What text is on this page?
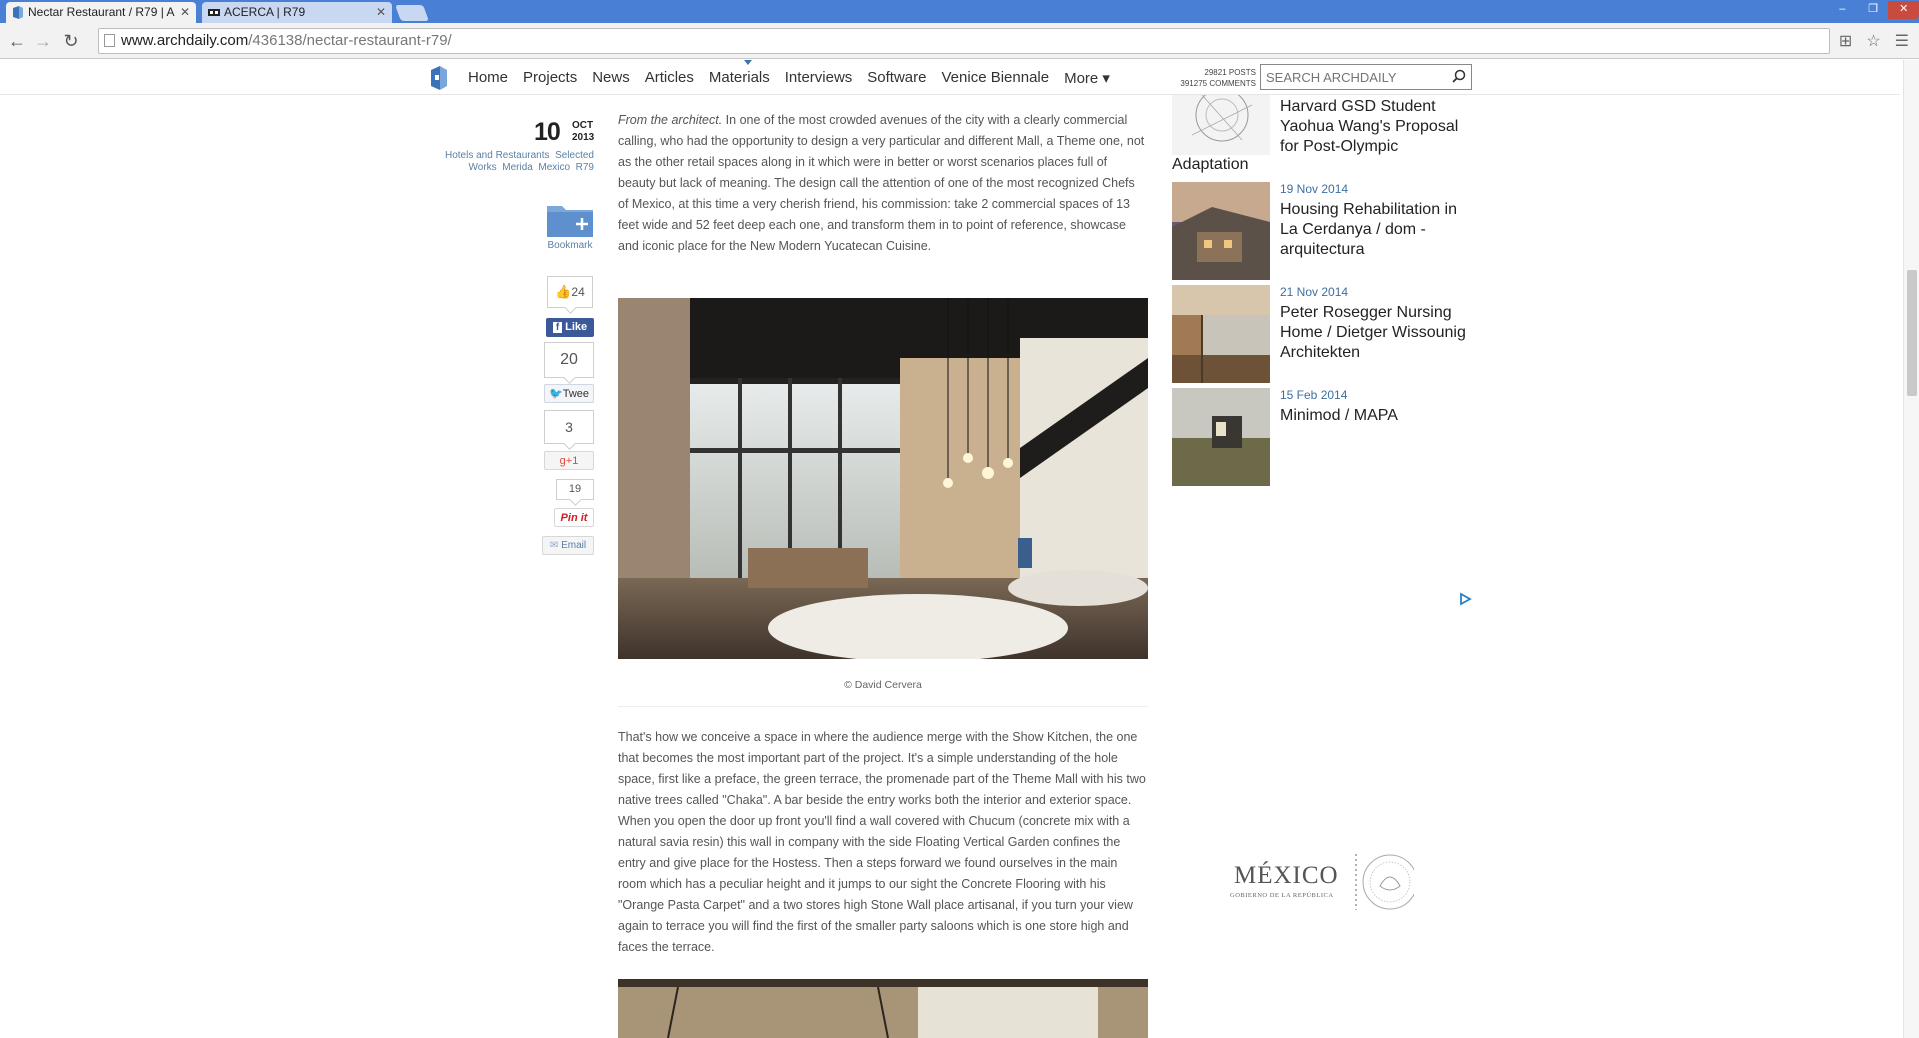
Nectar Restaurant / R79 | A ✕	ACERCA | R79	✕	‒	❐	✕
← → ↻	www.archdaily.com/436138/nectar-restaurant-r79/	⊞ ☆ ☰
Home Projects News Articles Materials Interviews Software Venice Biennale More ▾	29821 POSTS
391275 COMMENTS
SEARCH ARCHDAILY
10 OCT
2013
Hotels and Restaurants Selected Works Merida Mexico R79
Bookmark
👍24
f Like
20
🐦Twee
3
g+1
19
Pin it
✉ Email

From the architect. In one of the most crowded avenues of the city with a clearly commercial calling, who had the opportunity to design a very particular and different Mall, a Theme one, not as the other retail spaces along in it which were in better or worst scenarios places full of beauty but lack of meaning. The design call the attention of one of the most recognized Chefs of Mexico, at this time a very cherish friend, his commission: take 2 commercial spaces of 13 feet wide and 52 feet deep each one, and transform them in to point of reference, showcase and iconic place for the New Modern Yucatecan Cuisine.

© David Cervera

That's how we conceive a space in where the audience merge with the Show Kitchen, the one that becomes the most important part of the project. It's a simple understanding of the hole space, first like a preface, the green terrace, the promenade part of the Theme Mall with his two native trees called "Chaka". A bar beside the entry works both the interior and exterior space. When you open the door up front you'll find a wall covered with Chucum (concrete mix with a natural savia resin) this wall in company with the side Floating Vertical Garden confines the entry and give place for the Hostess. Then a steps forward we found ourselves in the main room which has a peculiar height and it jumps to our sight the Concrete Flooring with his "Orange Pasta Carpet" and a two stores high Stone Wall place artisanal, if you turn your view again to terrace you will find the first of the smaller party saloons which is one store high and faces the terrace.

Harvard GSD Student Yaohua Wang's Proposal for Post-Olympic
Adaptation
19 Nov 2014
Housing Rehabilitation in La Cerdanya / dom - arquitectura
21 Nov 2014
Peter Rosegger Nursing Home / Dietger Wissounig Architekten
15 Feb 2014
Minimod / MAPA
MÉXICO
GOBIERNO DE LA REPÚBLICA
